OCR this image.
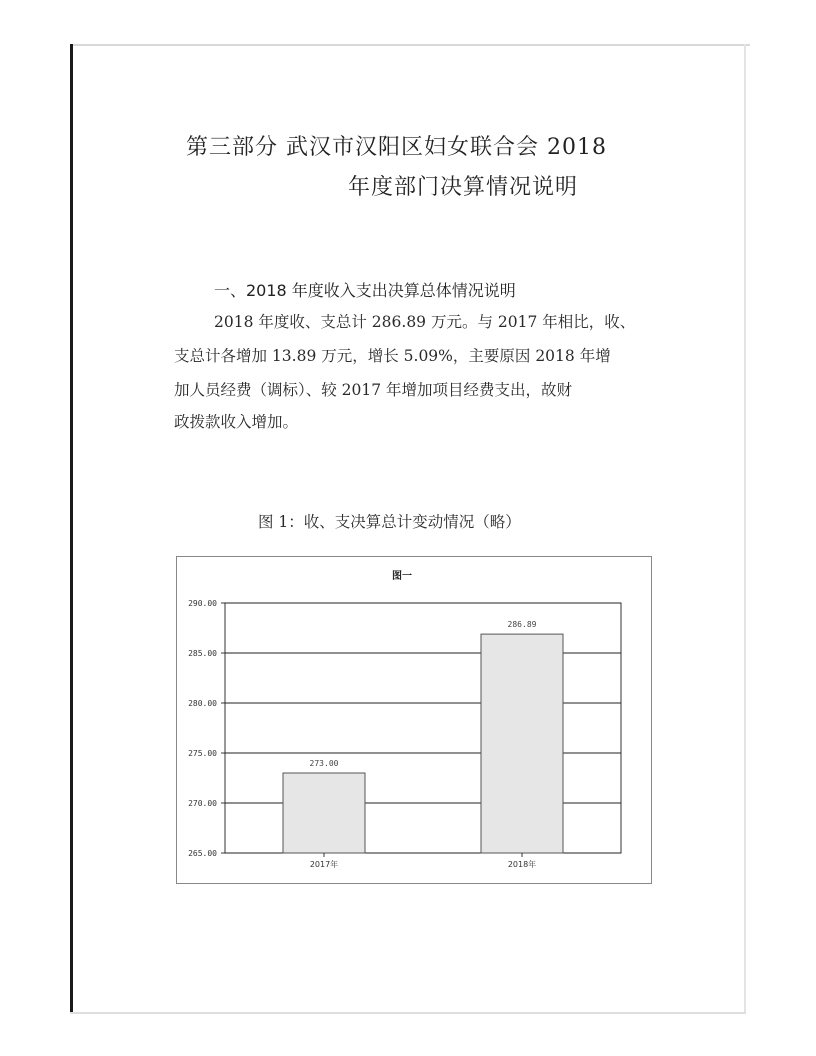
第三部分 武汉市汉阳区妇女联合会 2018
年度部门决算情况说明
一、2018 年度收入支出决算总体情况说明
2018 年度收、支总计 286.89 万元。与 2017 年相比，收、
支总计各增加 13.89 万元，增长 5.09%，主要原因 2018 年增
加人员经费（调标）、较 2017 年增加项目经费支出，故财
政拨款收入增加。
图 1：收、支决算总计变动情况（略）
图一
290.00
285.00
280.00
275.00
270.00
265.00
273.00
2017年
286.89
2018年
